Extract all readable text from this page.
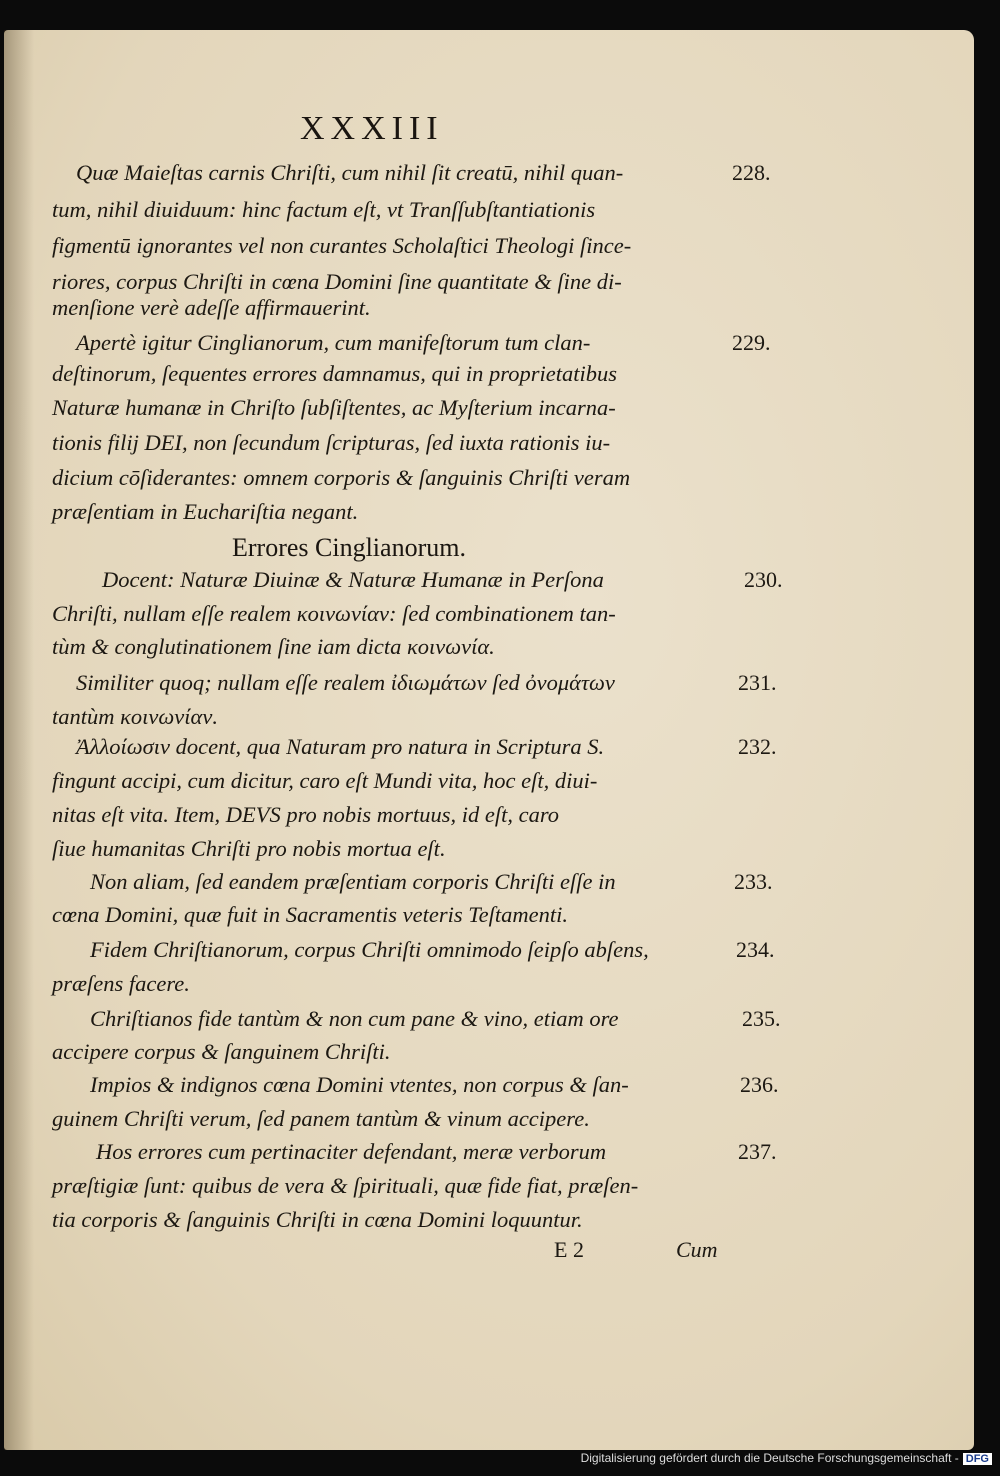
XXXIII
Quæ Maieſtas carnis Chriſti, cum nihil ſit creatū, nihil quan-
tum, nihil diuiduum: hinc factum eſt, vt Tranſſubſtantiationis
figmentū ignorantes vel non curantes Scholaſtici Theologi ſince-
riores, corpus Chriſti in cœna Domini ſine quantitate & ſine di-
menſione verè adeſſe affirmauerint.
228.
Apertè igitur Cinglianorum, cum manifeſtorum tum clan-
deſtinorum, ſequentes errores damnamus, qui in proprietatibus
Naturæ humanæ in Chriſto ſubſiſtentes, ac Myſterium incarna-
tionis filij DEI, non ſecundum ſcripturas, ſed iuxta rationis iu-
dicium cōſiderantes: omnem corporis & ſanguinis Chriſti veram
præſentiam in Euchariſtia negant.
229.
Errores Cinglianorum.
Docent: Naturæ Diuinæ & Naturæ Humanæ in Perſona
Chriſti, nullam eſſe realem κοινωνίαν: ſed combinationem tan-
tùm & conglutinationem ſine iam dicta κοινωνία.
230.
Similiter quoq; nullam eſſe realem ἰδιωμάτων ſed ὀνομάτων
tantùm κοινωνίαν.
231.
Ἀλλοίωσιν docent, qua Naturam pro natura in Scriptura S.
fingunt accipi, cum dicitur, caro eſt Mundi vita, hoc eſt, diui-
nitas eſt vita. Item, DEVS pro nobis mortuus, id eſt, caro
ſiue humanitas Chriſti pro nobis mortua eſt.
232.
Non aliam, ſed eandem præſentiam corporis Chriſti eſſe in
cœna Domini, quæ fuit in Sacramentis veteris Teſtamenti.
233.
Fidem Chriſtianorum, corpus Chriſti omnimodo ſeipſo abſens,
præſens facere.
234.
Chriſtianos fide tantùm & non cum pane & vino, etiam ore
accipere corpus & ſanguinem Chriſti.
235.
Impios & indignos cœna Domini vtentes, non corpus & ſan-
guinem Chriſti verum, ſed panem tantùm & vinum accipere.
236.
Hos errores cum pertinaciter defendant, meræ verborum
præſtigiæ ſunt: quibus de vera & ſpirituali, quæ fide fiat, præſen-
tia corporis & ſanguinis Chriſti in cœna Domini loquuntur.
237.
E 2	Cum
Digitalisierung gefördert durch die Deutsche Forschungsgemeinschaft - DFG
